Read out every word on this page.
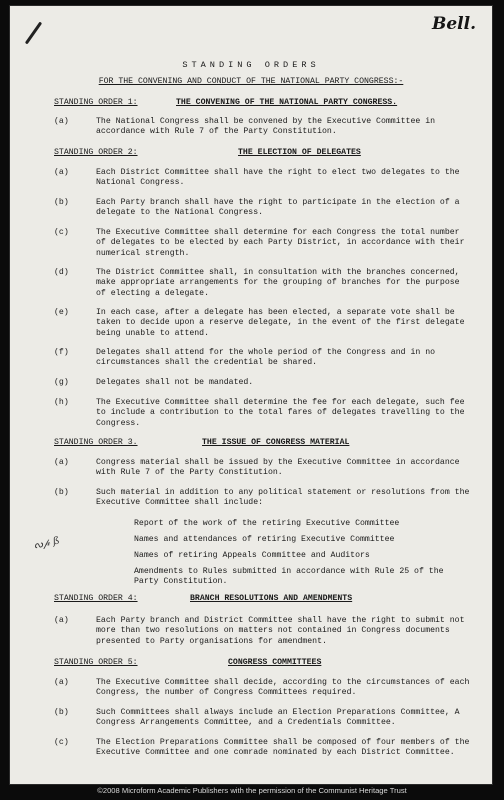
Bell.
ᔓ𝓅 ß
STANDING ORDERS
FOR THE CONVENING AND CONDUCT OF THE NATIONAL PARTY CONGRESS:-
STANDING ORDER 1:	THE CONVENING OF THE NATIONAL PARTY CONGRESS.
(a)	The National Congress shall be convened by the Executive Committee in accordance with Rule 7 of the Party Constitution.
STANDING ORDER 2:	THE ELECTION OF DELEGATES
(a)	Each District Committee shall have the right to elect two delegates to the National Congress.
(b)	Each Party branch shall have the right to participate in the election of a delegate to the National Congress.
(c)	The Executive Committee shall determine for each Congress the total number of delegates to be elected by each Party District, in accordance with their numerical strength.
(d)	The District Committee shall, in consultation with the branches concerned, make appropriate arrangements for the grouping of branches for the purpose of electing a delegate.
(e)	In each case, after a delegate has been elected, a separate vote shall be taken to decide upon a reserve delegate, in the event of the first delegate being unable to attend.
(f)	Delegates shall attend for the whole period of the Congress and in no circumstances shall the credential be shared.
(g)	Delegates shall not be mandated.
(h)	The Executive Committee shall determine the fee for each delegate, such fee to include a contribution to the total fares of delegates travelling to the Congress.
STANDING ORDER 3.	THE ISSUE OF CONGRESS MATERIAL
(a)	Congress material shall be issued by the Executive Committee in accordance with Rule 7 of the Party Constitution.
(b)	Such material in addition to any political statement or resolutions from the Executive Committee shall include:
Report of the work of the retiring Executive Committee
Names and attendances of retiring Executive Committee
Names of retiring Appeals Committee and Auditors
Amendments to Rules submitted in accordance with Rule 25 of the Party Constitution.
STANDING ORDER 4:	BRANCH RESOLUTIONS AND AMENDMENTS
(a)	Each Party branch and District Committee shall have the right to submit not more than two resolutions on matters not contained in Congress documents presented to Party organisations for amendment.
STANDING ORDER 5:	CONGRESS COMMITTEES
(a)	The Executive Committee shall decide, according to the circumstances of each Congress, the number of Congress Committees required.
(b)	Such Committees shall always include an Election Preparations Committee, A Congress Arrangements Committee, and a Credentials Committee.
(c)	The Election Preparations Committee shall be composed of four members of the Executive Committee and one comrade nominated by each District Committee.
©2008 Microform Academic Publishers with the permission of the Communist Heritage Trust
